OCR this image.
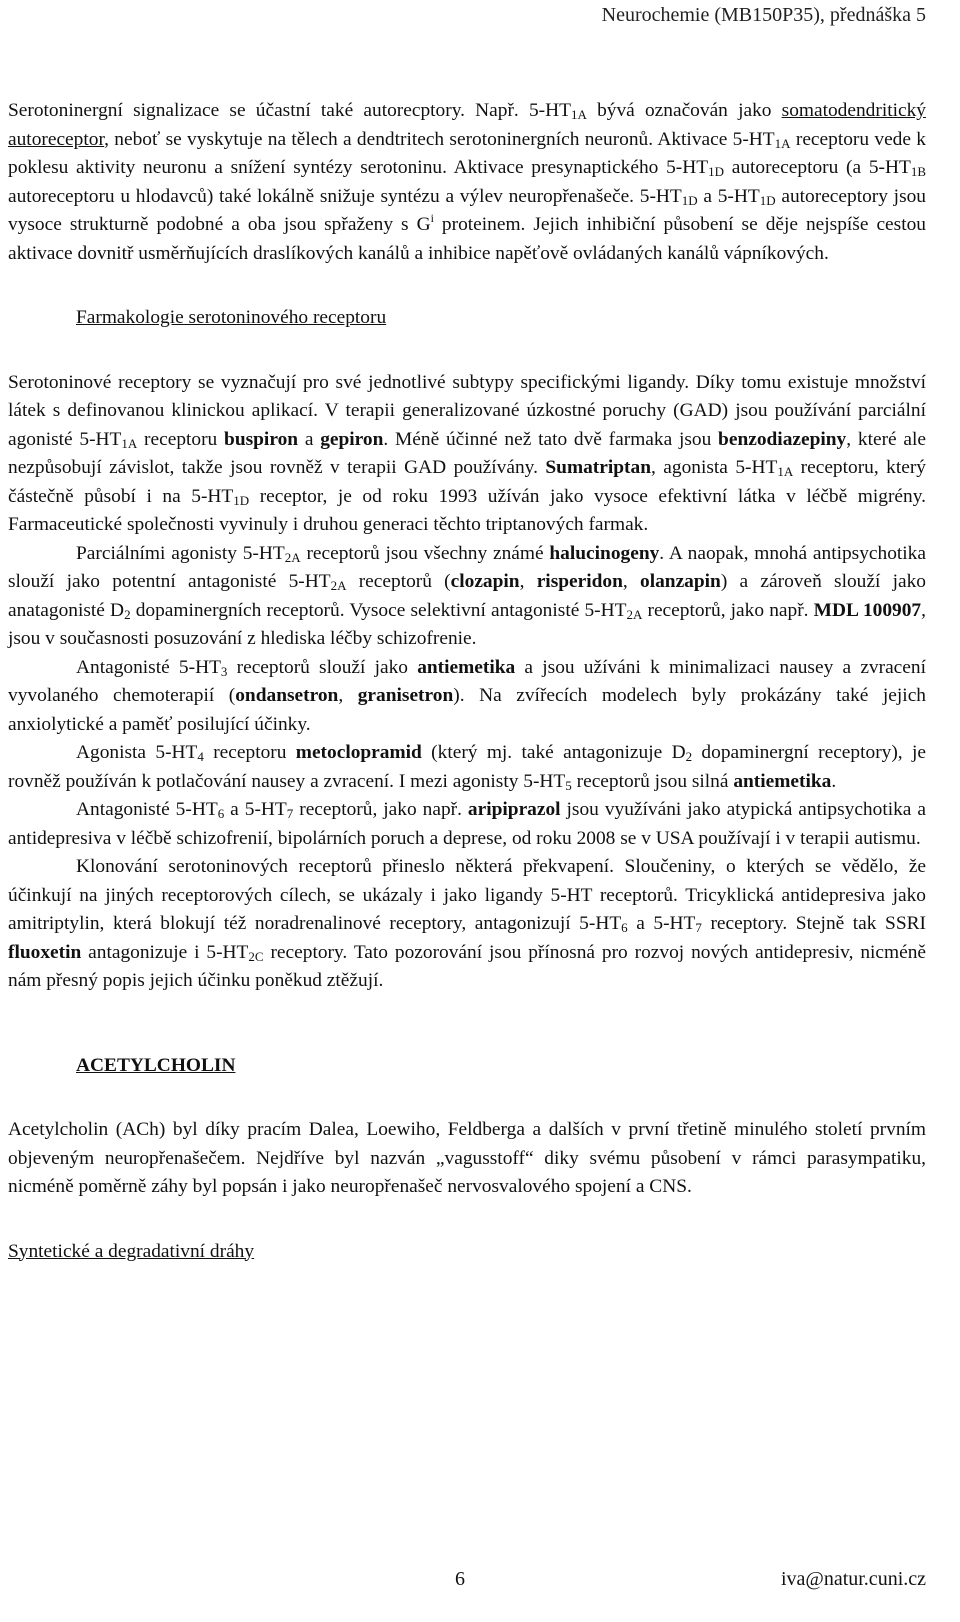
Neurochemie (MB150P35), přednáška 5

Serotoninergní signalizace se účastní také autorecptory. Např. $5-HT_{1A}$ bývá označován jako somatodendritický autoreceptor, neboť se vyskytuje na tělech a dendtritech serotoninergních neuronů. Aktivace $5-HT_{1A}$ receptoru vede k poklesu aktivity neuronu a snížení syntézy serotoninu. Aktivace presynaptického $5-HT_{1D}$ autoreceptoru (a $5-HT_{1B}$ autoreceptoru u hlodavců) také lokálně snižuje syntézu a výlev neuropřenašeče. $5-HT_{1D}$ a $5-HT_{1D}$ autoreceptory jsou vysoce strukturně podobné a oba jsou spřaženy s $G^i$ proteinem. Jejich inhibiční působení se děje nejspíše cestou aktivace dovnitř usměrňujících draslíkových kanálů a inhibice napěťově ovládaných kanálů vápníkových.

Farmakologie serotoninového receptoru

Serotoninové receptory se vyznačují pro své jednotlivé subtypy specifickými ligandy. Díky tomu existuje množství látek s definovanou klinickou aplikací. V terapii generalizované úzkostné poruchy (GAD) jsou používání parciální agonisté $5-HT_{1A}$ receptoru buspiron a gepiron. Méně účinné než tato dvě farmaka jsou benzodiazepiny, které ale nezpůsobují závislot, takže jsou rovněž v terapii GAD používány. Sumatriptan, agonista $5-HT_{1A}$ receptoru, který částečně působí i na $5-HT_{1D}$ receptor, je od roku 1993 užíván jako vysoce efektivní látka v léčbě migrény. Farmaceutické společnosti vyvinuly i druhou generaci těchto triptanových farmak.

Parciálními agonisty $5-HT_{2A}$ receptorů jsou všechny známé halucinogeny. A naopak, mnohá antipsychotika slouží jako potentní antagonisté $5-HT_{2A}$ receptorů (clozapin, risperidon, olanzapin) a zároveň slouží jako anatagonisté $D_2$ dopaminergních receptorů. Vysoce selektivní antagonisté $5-HT_{2A}$ receptorů, jako např. MDL 100907, jsou v současnosti posuzování z hlediska léčby schizofrenie.

Antagonisté $5-HT_3$ receptorů slouží jako antiemetika a jsou užíváni k minimalizaci nausey a zvracení vyvolaného chemoterapií (ondansetron, granisetron). Na zvířecích modelech byly prokázány také jejich anxiolytické a paměť posilující účinky.

Agonista $5-HT_4$ receptoru metoclopramid (který mj. také antagonizuje $D_2$ dopaminergní receptory), je rovněž používán k potlačování nausey a zvracení. I mezi agonisty $5-HT_5$ receptorů jsou silná antiemetika.

Antagonisté $5-HT_6$ a $5-HT_7$ receptorů, jako např. aripiprazol jsou využíváni jako atypická antipsychotika a antidepresiva v léčbě schizofrenií, bipolárních poruch a deprese, od roku 2008 se v USA používají i v terapii autismu.

Klonování serotoninových receptorů přineslo některá překvapení. Sloučeniny, o kterých se vědělo, že účinkují na jiných receptorových cílech, se ukázaly i jako ligandy 5-HT receptorů. Tricyklická antidepresiva jako amitriptylin, která blokují též noradrenalinové receptory, antagonizují $5-HT_6$ a $5-HT_7$ receptory. Stejně tak SSRI fluoxetin antagonizuje i $5-HT_{2C}$ receptory. Tato pozorování jsou přínosná pro rozvoj nových antidepresiv, nicméně nám přesný popis jejich účinku poněkud ztěžují.

ACETYLCHOLIN

Acetylcholin (ACh) byl díky pracím Dalea, Loewiho, Feldberga a dalších v první třetině minulého století prvním objeveným neuropřenašečem. Nejdříve byl nazván „vagusstoff“ diky svému působení v rámci parasympatiku, nicméně poměrně záhy byl popsán i jako neuropřenašeč nervosvalového spojení a CNS.

Syntetické a degradativní dráhy

6	iva@natur.cuni.cz
